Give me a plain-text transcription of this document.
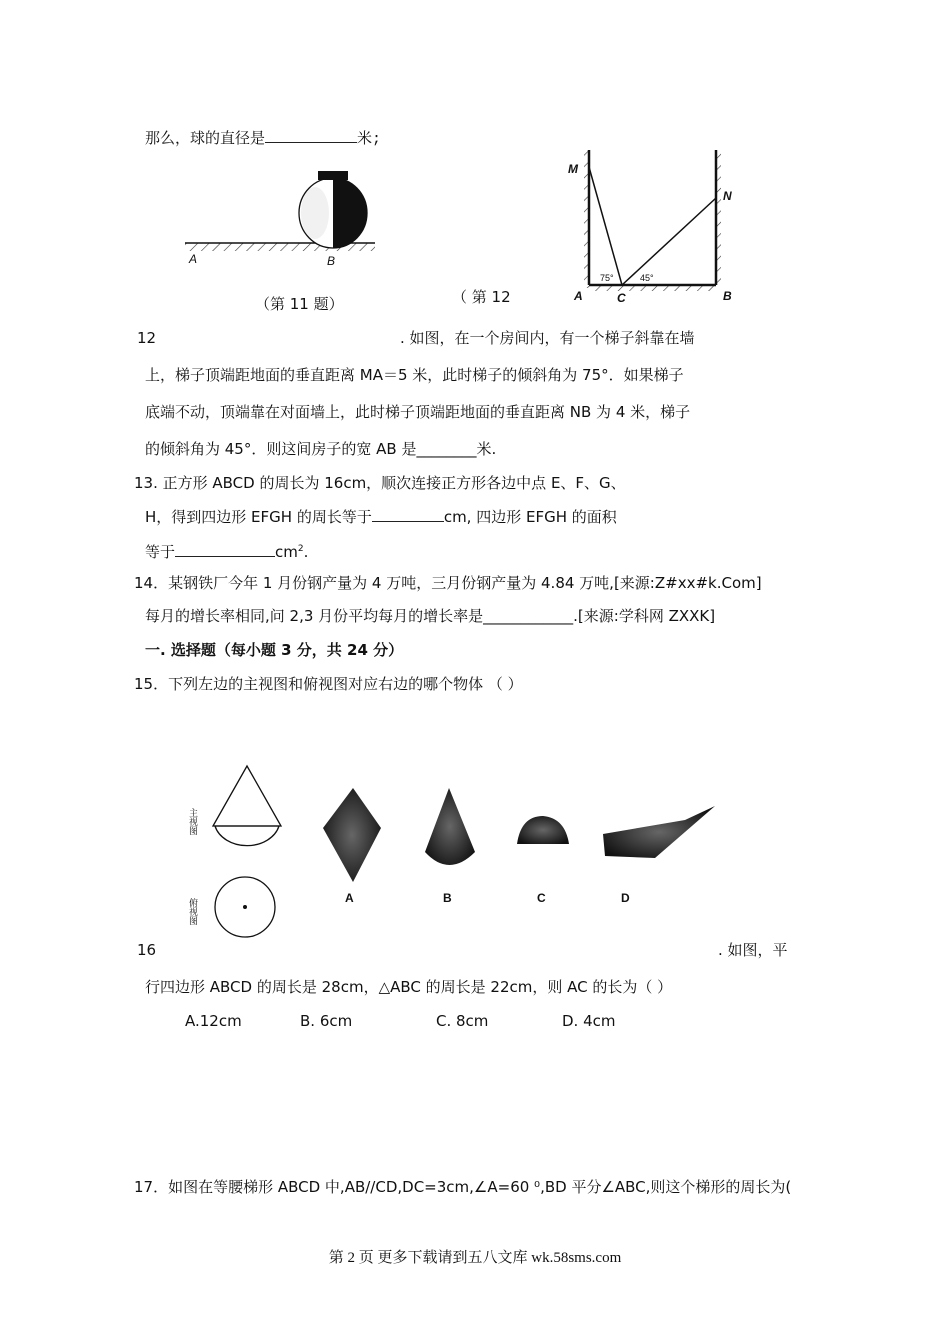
那么，球的直径是	米;
A	B
（第 11 题）
M
N
75°	45°
A	C	B
（ 第 12
12	. 如图，在一个房间内，有一个梯子斜靠在墙
上，梯子顶端距地面的垂直距离 MA＝5 米，此时梯子的倾斜角为 75°．如果梯子
底端不动，顶端靠在对面墙上，此时梯子顶端距地面的垂直距离 NB 为 4 米，梯子
的倾斜角为 45°．则这间房子的宽 AB 是________米.
13. 正方形 ABCD 的周长为 16cm，顺次连接正方形各边中点 E、F、G、
H，得到四边形 EFGH 的周长等于	cm, 四边形 EFGH 的面积
等于	$cm^2$.
14．某钢铁厂今年 1 月份钢产量为 4 万吨，三月份钢产量为 4.84 万吨,[来源:Z#xx#k.Com]
每月的增长率相同,问 2,3 月份平均每月的增长率是____________.[来源:学科网 ZXXK]
一. 选择题（每小题 3 分，共 24 分）
15．下列左边的主视图和俯视图对应右边的哪个物体 （ ）
主视图
俯视图	A	B	C	D
16	. 如图，平
行四边形 ABCD 的周长是 28cm，△ABC 的周长是 22cm，则 AC 的长为（ ）
A.12cm	B. 6cm	C. 8cm	D. 4cm
17．如图在等腰梯形 ABCD 中,AB//CD,DC=3cm,∠A=60 ⁰,BD 平分∠ABC,则这个梯形的周长为(
第 2 页 更多下载请到五八文库 wk.58sms.com
